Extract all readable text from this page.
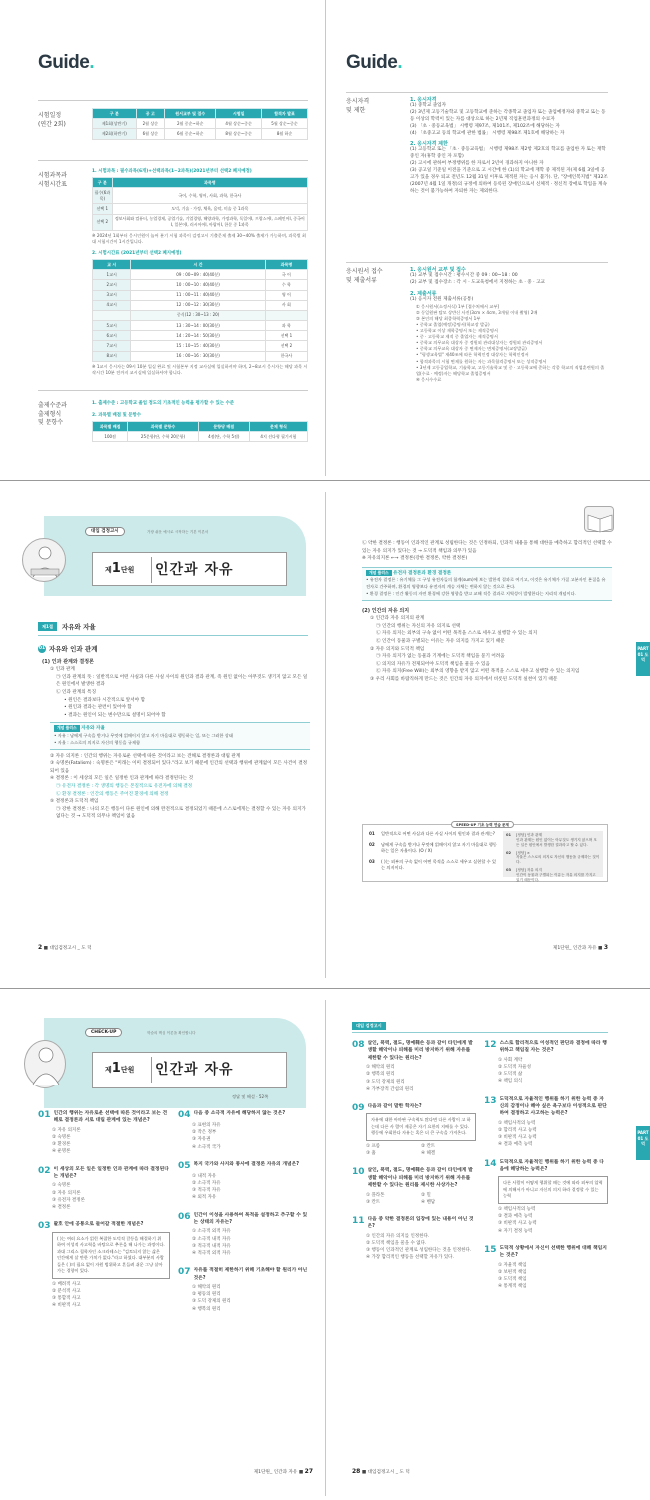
Guide.
시험일정
(연간 2회)
구 분	공 고	원서교부 및 접수	시험일	합격자 발표
제1회(상반기)	2월 상순	2월 중순~하순	4월 상순~중순	5월 상순~중순
제2회(하반기)	6월 상순	6월 중순~하순	8월 상순~중순	8월 하순
시험과목과
시험시간표
1. 시험과목 : 필수과목(6개)+선택과목(1~2과목)(2021년부터 선택2 폐지예정)
구 분	과목명
필수(6과목)	국어, 수학, 영어, 사회, 과학, 한국사
선택 1	도덕, 기술 · 가정, 체육, 음악, 미술 중 1과목
선택 2	정보사회와 컴퓨터, 농업경제, 공업기술, 기업경영, 해양과학, 가정과학, 독일어Ⅰ, 프랑스어Ⅰ, 스페인어Ⅰ, 중국어Ⅰ, 일본어Ⅰ, 러시아어Ⅰ, 아랍어Ⅰ, 한문 중 1과목
※ 2024년 1회부터 응시인원이 늘어 분기 시험 과목이 검정고시 기출문제 출제 30~40% 출제가 가능하며, 과목별 최대 시험시간이 1시간입니다.
2. 시험시간표 (2021년부터 선택2 폐지예정)
교 시	시 간	과목명
1교시	09 : 00~09 : 40(40분)	국 어
2교시	10 : 00~10 : 40(40분)	수 학
3교시	11 : 00~11 : 40(40분)	영 어
4교시	12 : 00~12 : 30(30분)	사 회
	중식(12 : 30~13 : 20)	
5교시	13 : 30~14 : 00(30분)	과 학
6교시	14 : 20~14 : 50(30분)	선택 1
7교시	15 : 10~15 : 40(30분)	선택 2
8교시	16 : 00~16 : 30(30분)	한국사
※ 1교시 응시자는 09시 10분 입실 완료 및 시험본부 지정 교사실에 입실하셔야 하며, 2~8교시 응시자는 해당 과목 시작시간 10분 전까지 교시실에 입실하셔야 합니다.
출제수준과
출제형식
및 문항수
1. 출제수준 : 고등학교 졸업 정도의 기초적인 능력을 평가할 수 있는 수준
2. 과목별 배점 및 문항수
과목별 배점	과목별 문항수	문항당 배점	문제 형식
100점	25문항(단, 수학 20문항)	4점(단, 수학 5점)	4지 선다형 필기시험
Guide.
응시자격
및 제한
1. 응시자격
(1) 중학교 졸업자
(2) 3년제 고등기술학교 및 고등학교에 준하는 각종학교 졸업자 또는 졸업예정자와 중학교 또는 동등 이상의 학력이 있는 자를 대상으로 하는 2년제 직업훈련과정의 수료자
(3) 「초 · 중등교육법」 시행령 제97조, 제101조, 제102조에 해당하는 자
(4) 「초중고교 등의 학교에 관한 법률」 시행령 제98조 제1호에 해당하는 자
2. 응시자격 제한
(1) 고등학교 또는 「초 · 중등교육법」 시행령 제98조 제2항 제2호의 학교를 졸업한 자 또는 재학 중인 자(휴학 중인 자 포함)
(2) 고시에 관하여 부정행위를 한 자로서 2년이 경과하지 아니한 자
(3) 공고일 기준일 이전을 기준으로 고 시간에 한 (1)의 학교에 재학 중 제적된 자(제 6월 3일에 공고가 있을 경우 퇴교 전년도 12월 31일 이후로 제적된 자는 응시 불가). 단, "장애인복지법" 제32조(2007년 4월 1일 개정)의 규정에 의하여 등록된 장애인으로서 신체적 · 정신적 장애로 학업을 계속하는 것이 불가능하여 자퇴한 자는 제외한다.
응시원서 접수
및 제출서류
1. 응시원서 교부 및 접수
(1) 교부 및 접수시간 : 평수시간 중 09 : 00~18 : 00
(2) 교부 및 접수장소 : 각 시 · 도교육청에서 지정하는 초 · 중 · 고교
2. 제출서류
(1) 응시자 전원 제출서류(공통)
① 응시원서(소정서식) 1부 [접수처에서 교부]
② 동일원판 탈모 상반신 사진(3cm × 4cm, 3개월 이내 촬영) 2매
③ 본인의 해당 최종학력증명서 1부
• 중학교 졸업(예정)증명서(학교장 발급)
• 고등학교 이상 재학증명서 또는 제적증명서
• 중 · 고등학교 제적 중 졸업자는 제적증명서
• 중학교 의무교육 대상자 중 정원외 관리대상자는 정원외 관리증명서
• 중학교 의무교육 대상자 중 면제자는 면제증명서(교장발급)
• "평생교육법" 제40조에 따른 학력인정 대상자는 학력인정서
• 합격과목의 시험 면제를 원하는 자는 과목합격증명서 또는 성적증명서
• 3년제 고등공업학교, 기술학교, 고등기술학교 및 중 · 고등학교에 준하는 각종 학교의 직업훈련원의 졸업(수료 · 예정)자는 해당학교 졸업증명서
④ 응시수수료
대입 검정고시	가장 쉬운 예시로 시작하는 기본 이론서
제1단원 인간과 자유
제1절	자유와 자율
01 자유와 인과 관계
(1) 인과 관계와 결정론
① 인과 관계
㉠ 인과 관계의 뜻 : 일반적으로 어떤 사실과 다른 사실 사이의 원인과 결과 관계, 즉 원인 없이는 아무것도 생기지 않고 모든 일은 원인에서 발생한 결과
㉡ 인과 관계의 특징
• 원인은 결과보다 시간적으로 앞서야 함
• 원인과 결과는 관련이 있어야 함
• 결과는 원인이 되는 변수만으로 설명이 되어야 함
개념 플러스 자유와 자율
• 자유 : 남에게 구속을 받거나 무엇에 얽매이지 않고 자기 마음대로 행동하는 일, 또는 그러한 상태
• 자율 : 스스로의 의지로 자신의 행동을 규제함
② 자유 의지론 : 인간의 행위는 자유로운 선택에 따른 것이라고 보는 견해로 결정론과 대립 관계
③ 숙명론(Fatalism) : 숙명론은 "미래는 이미 결정되어 있다."라고 보기 때문에 인간의 선택과 행위에 관계없이 모든 사건이 결정되어 있음
④ 결정론 : 이 세상의 모든 일은 일정한 인과 관계에 따라 결정된다는 것
㉠ 유전자 결정론 : 각 생명의 행동은 본질적으로 유전자에 의해 결정
㉡ 환경 결정론 : 인간의 행동은 주어진 환경에 의해 결정
⑤ 결정론과 도덕적 책임
㉠ 강한 결정론 : 나의 모든 행동이 다른 원인에 의해 완전적으로 결정되었기 때문에 스스로에게는 결정할 수 있는 자유 의지가 없다는 것 → 도덕적 의무나 책임이 없음
2 ■ 대입검정고시 _ 도 덕
㉡ 약한 결정론 : 행동이 인과적인 관계로 성립한다는 것은 인정하되, 인과적 내용을 통해 대한을 예측하고 합리적인 선택할 수 있는 자유 의지가 있다는 것 → 도덕적 책임과 의무가 있음
※ 자유의지론 ←→ 결정론(강한 결정론, 약한 결정론)
개념 플러스 유전자 결정론과 환경 결정론
• 유전자 결정론 : 유기체를 그 구성 유전자들의 합계(sum)에 보는 발한적 결과로 여기고, 이것은 유기체가 가질 고분자인 본질을 유전자로 간주하며, 환경의 영향보다 유전자의 계승 자체는 변하지 않는 것으로 본다.
• 환경 결정론 : 인간 활동의 자연 환경에 강한 영향을 받고 교해 적응 결과로 지역성이 발생한다는 지리적 개념이다.
(2) 인간의 자유 의지
① 인간과 자유 의지의 관계
㉠ 인간의 행위는 자신의 자유 의지로 선택
㉡ 자유 의지는 외부의 구속 없이 어떤 목적을 스스로 세우고 실행할 수 있는 의지
㉢ 인간이 동물과 구별되는 이유는 자유 의지를 가지고 있기 때문
② 자유 의지와 도덕적 책임
㉠ 자유 의지가 없는 동물과 기계에는 도덕적 책임을 묻기 어려움
㉡ 의지의 자유가 전제되어야 도덕적 책임을 물을 수 있음
㉢ 자유 의지(Free Will)는 외부의 영향을 받지 않고 어떤 목적을 스스로 세우고 실행할 수 있는 의지임
③ 우리 사회를 바람직하게 만드는 것은 인간의 자유 의지에서 비롯된 도덕적 실천이 있기 때문
SPEED-UP 기초 능력 연습 문제
01	일반적으로 어떤 사실과 다른 사실 사이의 원인과 결과 관계는?
02	남에게 구속을 받거나 무엇에 얽매이지 않고 자기 마음대로 행동하는 일은 자율이다. (O / X)
03	( )는 외부의 구속 없이 어떤 목적을 스스로 세우고 실현할 수 있는 의지이다.
01	[정답] 인과 관계
인과 관계는 원인 없이는 아무것도 생기지 않으며 모든 일은 원인에서 발생한 결과라고 할 수 있다.
02	[정답] ×
자율은 스스로의 의지로 자신의 행동을 규제하는 것이다.
03	[정답] 자유 의지
인간이 동물과 구별되는 이유는 자유 의지를 가지고 있기 때문이다.
PART 01 도덕
제1단원_ 인간과 자유 ■ 3
CHECK-UP	학습의 핵심 이론을 확인합니다
제1단원 인간과 자유
정답 및 해설 · 52쪽
01 인간의 행위는 자유로운 선택에 따른 것이라고 보는 견해로 결정론과 서로 대립 관계에 있는 개념은?
① 자유 의지론
② 숙명론
③ 환경론
④ 운명론
02 이 세상의 모든 일은 일정한 인과 관계에 따라 결정된다는 개념은?
① 숙명론
② 자유 의지론
③ 유전자 결정론
④ 결정론
03 괄호 안에 공통으로 들어갈 적절한 개념은?
( )는 여러 요소가 얽힌 복잡한 도덕적 갈등을 해결하기 위하여 이성적 사고력을 바탕으로 추론을 해 나가는 과정이다. 과대 그리스 철학자인 소크라테스는 "검토되지 않는 삶은 인간에게 살 만한 가치가 없다."라고 하였다. 대부분의 사람들은 ( )의 필요 없이 자원 범위하고 흔들려 쉬운 그냥 살아가는 경향이 있다.
① 배려적 사고
② 분석적 사고
③ 통합적 사고
④ 비판적 사고
04 다음 중 소극적 자유에 해당하지 않는 것은?
① 표현의 자유
② 작은 정부
③ 자유권
④ 소극적 국가
05 복지 국가와 사지와 통사에 결정론 자유의 개념은?
① 내적 자유
② 소극적 자유
③ 적극적 자유
④ 외적 자유
06 인간이 이성을 사용하여 목적을 설정하고 추구할 수 있는 상태의 자유는?
① 소극적 외적 자유
② 소극적 내적 자유
③ 적극적 내적 자유
④ 적극적 외적 자유
07 자유를 적절히 제한하기 위해 기초해야 할 원리가 아닌 것은?
① 해악의 원리
② 평등의 원리
③ 도덕 강제의 원리
④ 행복의 원리
제1단원_ 인간과 자유 ■ 27
대입 검정고시
08 살인, 폭력, 절도, 명예훼손 등과 같이 타인에게 발생할 해악이나 피해를 미리 방지하기 위해 자유를 제한할 수 있다는 원리는?
① 해악의 원리
② 행복의 원리
③ 도덕 강제의 원리
④ 가부장적 간섭의 원리
09 다음과 같이 말한 학자는?
자유에 대한 아마판 구속력도 많다면 다른 사람이 고 하는데 다른 사 람이 제공은 자기 요한의 지배를 수 있다. 행동에 우회한다 자유는 혹은 더 큰 구속을 가져온다.
① 프롬	② 칸트
③ 흄	④ 헤겔
10 살인, 폭력, 절도, 명예훼손 등과 같이 타인에게 발생할 해악이나 피해를 미리 방지하기 위해 자유를 제한할 수 있다는 원리를 제시한 사상가는?
① 플라톤	② 밀
③ 칸트	④ 벤담
11 다음 중 약한 결정론의 입장에 있는 내용이 아닌 것은?
① 인간의 자유 의지를 인정한다.
② 도덕적 책임을 물을 수 없다.
③ 행동이 인과적인 관계로 성립한다는 것을 인정한다.
④ 가장 합리적인 행동을 선택할 자유가 있다.
12 스스로 합리적으로 이성적인 판단과 결정에 따라 행위하고 책임질 자는 것은?
① 사회 계약
② 도덕적 자율성
③ 도덕적 삶
④ 책임 의식
13 도덕적으로 자율적인 행위를 하기 위한 능력 중 자신의 감정이나 해야 싶은 욕구보다 이성적으로 판단하여 결정하고 사고하는 능력은?
① 책임사적의 능력
② 합리적 사고 능력
③ 비판적 사고 능력
④ 결과 예측 능력
14 도덕적으로 자율적인 행위를 하기 위한 능력 중 다음에 해당하는 능력은?
다른 사람이 어떻게 행위할 때는 것에 따라 외부의 압력에 의해서가 아니고 자신의 의지 하라 결정할 수 있는 능력
① 책임사적의 능력
② 결과 예측 능력
③ 비판적 사고 능력
④ 자기 결정 능력
15 도덕적 상황에서 자신이 선택한 행위에 대해 책임지는 것은?
① 자율적 책임
② 보편적 책임
③ 도덕적 책임
④ 통계적 책임
PART 01 도덕
28 ■ 대입검정고시 _ 도 덕
